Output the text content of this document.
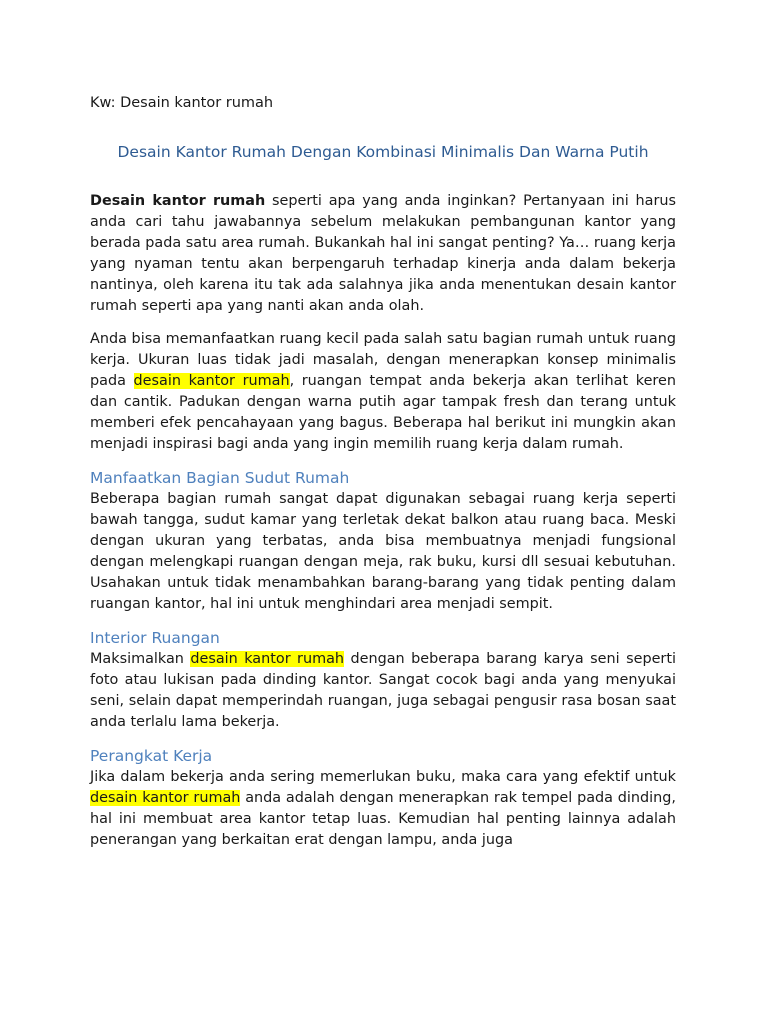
Kw: Desain kantor rumah
Desain Kantor Rumah Dengan Kombinasi Minimalis Dan Warna Putih

Desain kantor rumah seperti apa yang anda inginkan? Pertanyaan ini harus anda cari tahu jawabannya sebelum melakukan pembangunan kantor yang berada pada satu area rumah. Bukankah hal ini sangat penting? Ya… ruang kerja yang nyaman tentu akan berpengaruh terhadap kinerja anda dalam bekerja nantinya, oleh karena itu tak ada salahnya jika anda menentukan desain kantor rumah seperti apa yang nanti akan anda olah.

Anda bisa memanfaatkan ruang kecil pada salah satu bagian rumah untuk ruang kerja. Ukuran luas tidak jadi masalah, dengan menerapkan konsep minimalis pada desain kantor rumah, ruangan tempat anda bekerja akan terlihat keren dan cantik. Padukan dengan warna putih agar tampak fresh dan terang untuk memberi efek pencahayaan yang bagus. Beberapa hal berikut ini mungkin akan menjadi inspirasi bagi anda yang ingin memilih ruang kerja dalam rumah.

Manfaatkan Bagian Sudut Rumah

Beberapa bagian rumah sangat dapat digunakan sebagai ruang kerja seperti bawah tangga, sudut kamar yang terletak dekat balkon atau ruang baca. Meski dengan ukuran yang terbatas, anda bisa membuatnya menjadi fungsional dengan melengkapi ruangan dengan meja, rak buku, kursi dll sesuai kebutuhan. Usahakan untuk tidak menambahkan barang-barang yang tidak penting dalam ruangan kantor, hal ini untuk menghindari area menjadi sempit.

Interior Ruangan

Maksimalkan desain kantor rumah dengan beberapa barang karya seni seperti foto atau lukisan pada dinding kantor. Sangat cocok bagi anda yang menyukai seni, selain dapat memperindah ruangan, juga sebagai pengusir rasa bosan saat anda terlalu lama bekerja.

Perangkat Kerja

Jika dalam bekerja anda sering memerlukan buku, maka cara yang efektif untuk desain kantor rumah anda adalah dengan menerapkan rak tempel pada dinding, hal ini membuat area kantor tetap luas. Kemudian hal penting lainnya adalah penerangan yang berkaitan erat dengan lampu, anda juga
